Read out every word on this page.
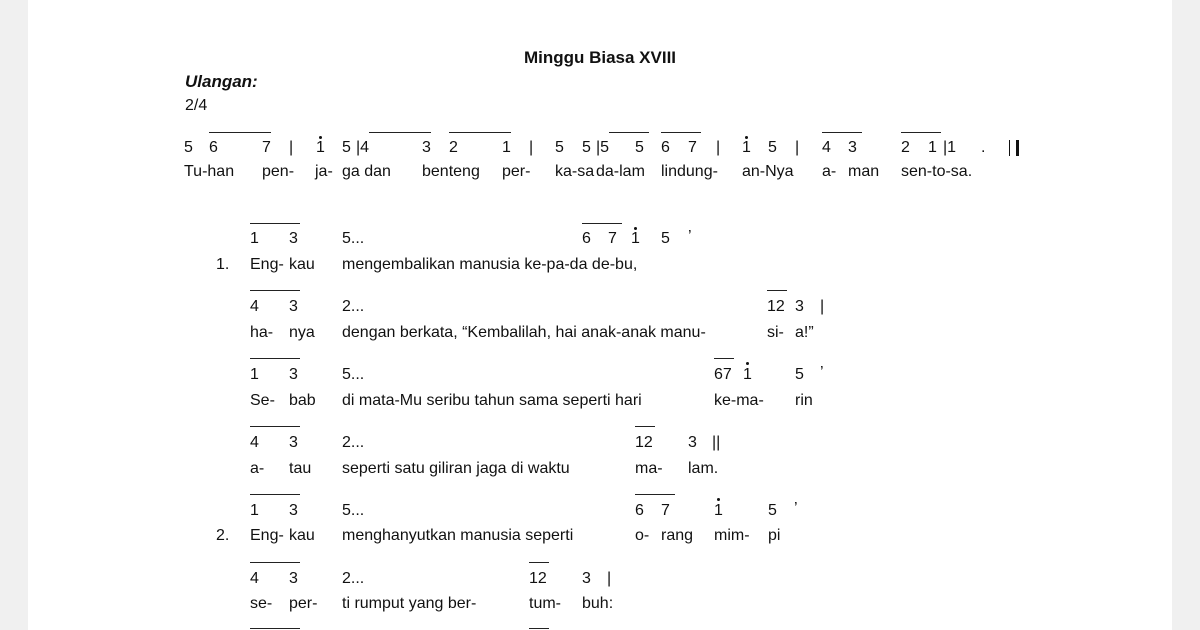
Minggu Biasa XVIII
Ulangan:
2/4
5 6	7 | 1 5 |4	3 2	1 | 5 5 |5 5 6 7 | 1 5 | 4 3	2 1 |1 .
Tu-han pen- ja- ga dan benteng per- ka-sa da-lam lindung- an-Nya a- man sen-to-sa.
1 3	5...	6 7 1 5 ’
1. Eng- kau mengembalikan manusia ke-pa-da de-bu,
4 3	2...	12 3 |
ha- nya dengan berkata, “Kembalilah, hai anak-anak manu-	si- a!”
1 3	5...	67 1	5 ’
Se- bab di mata-Mu seribu tahun sama seperti hari	ke-ma- rin
4 3	2...	12 3 ||
a- tau seperti satu giliran jaga di waktu	ma- lam.
1 3	5...	6 7	1	5 ’
2. Eng- kau menghanyutkan manusia seperti	o- rang mim- pi
4 3	2...	12 3 |
se- per- ti rumput yang ber-	tum- buh:
